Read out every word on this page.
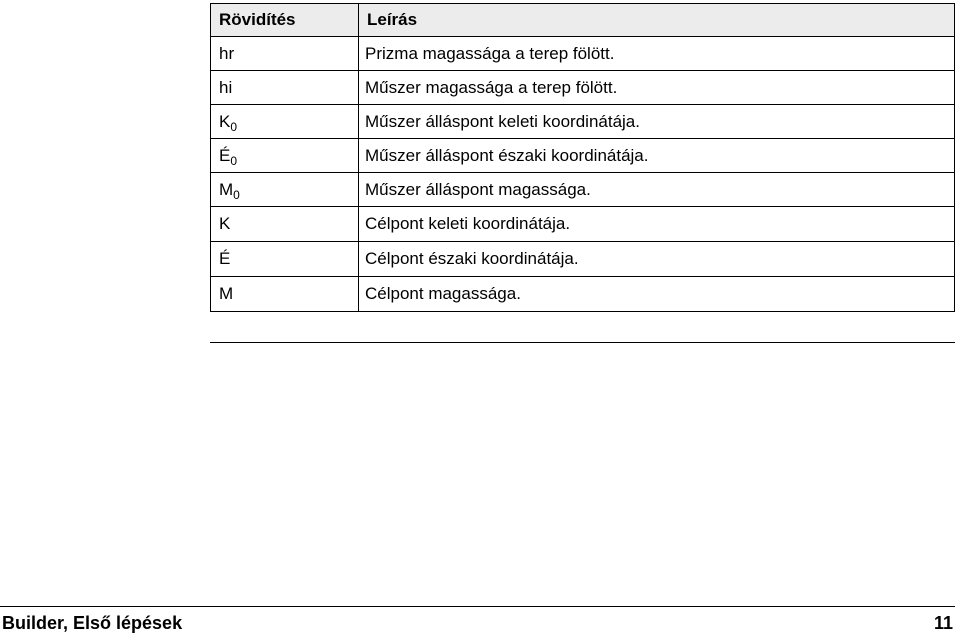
Rövidítés	Leírás
hr	Prizma magassága a terep fölött.
hi	Műszer magassága a terep fölött.
$K_0$	Műszer álláspont keleti koordinátája.
$É_0$	Műszer álláspont északi koordinátája.
$M_0$	Műszer álláspont magassága.
K	Célpont keleti koordinátája.
É	Célpont északi koordinátája.
M	Célpont magassága.
Builder, Első lépések	11
